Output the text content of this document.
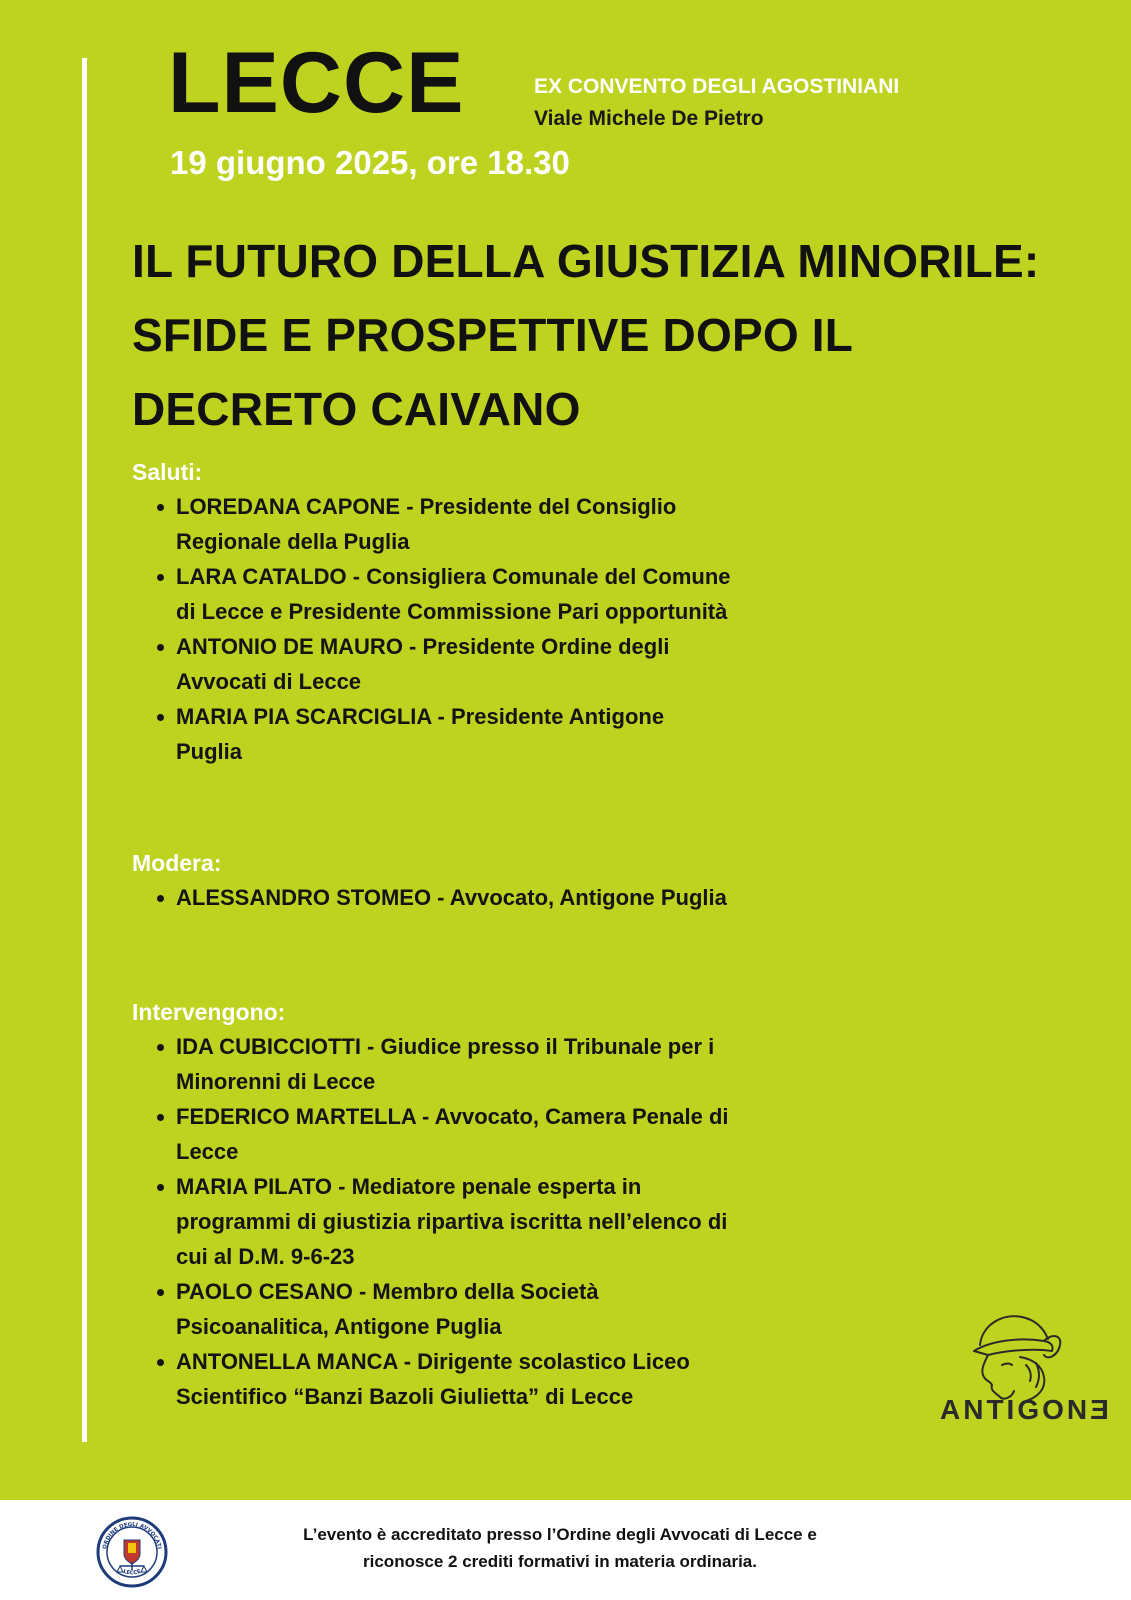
LECCE	EX CONVENTO DEGLI AGOSTINIANI
Viale Michele De Pietro
19 giugno 2025, ore 18.30
IL FUTURO DELLA GIUSTIZIA MINORILE:
SFIDE E PROSPETTIVE DOPO IL
DECRETO CAIVANO
Saluti:
LOREDANA CAPONE - Presidente del Consiglio Regionale della Puglia
LARA CATALDO - Consigliera Comunale del Comune di Lecce e Presidente Commissione Pari opportunità
ANTONIO DE MAURO - Presidente Ordine degli Avvocati di Lecce
MARIA PIA SCARCIGLIA - Presidente Antigone Puglia
Modera:
ALESSANDRO STOMEO - Avvocato, Antigone Puglia
Intervengono:
IDA CUBICCIOTTI - Giudice presso il Tribunale per i Minorenni di Lecce
FEDERICO MARTELLA - Avvocato, Camera Penale di Lecce
MARIA PILATO - Mediatore penale esperta in programmi di giustizia ripartiva iscritta nell’elenco di cui al D.M. 9-6-23
PAOLO CESANO - Membro della Società Psicoanalitica, Antigone Puglia
ANTONELLA MANCA - Dirigente scolastico Liceo Scientifico “Banzi Bazoli Giulietta” di Lecce	ANTIGONƎ
ORDINE DEGLI AVVOCATI
LECCE
L’evento è accreditato presso l’Ordine degli Avvocati di Lecce e
riconosce 2 crediti formativi in materia ordinaria.
